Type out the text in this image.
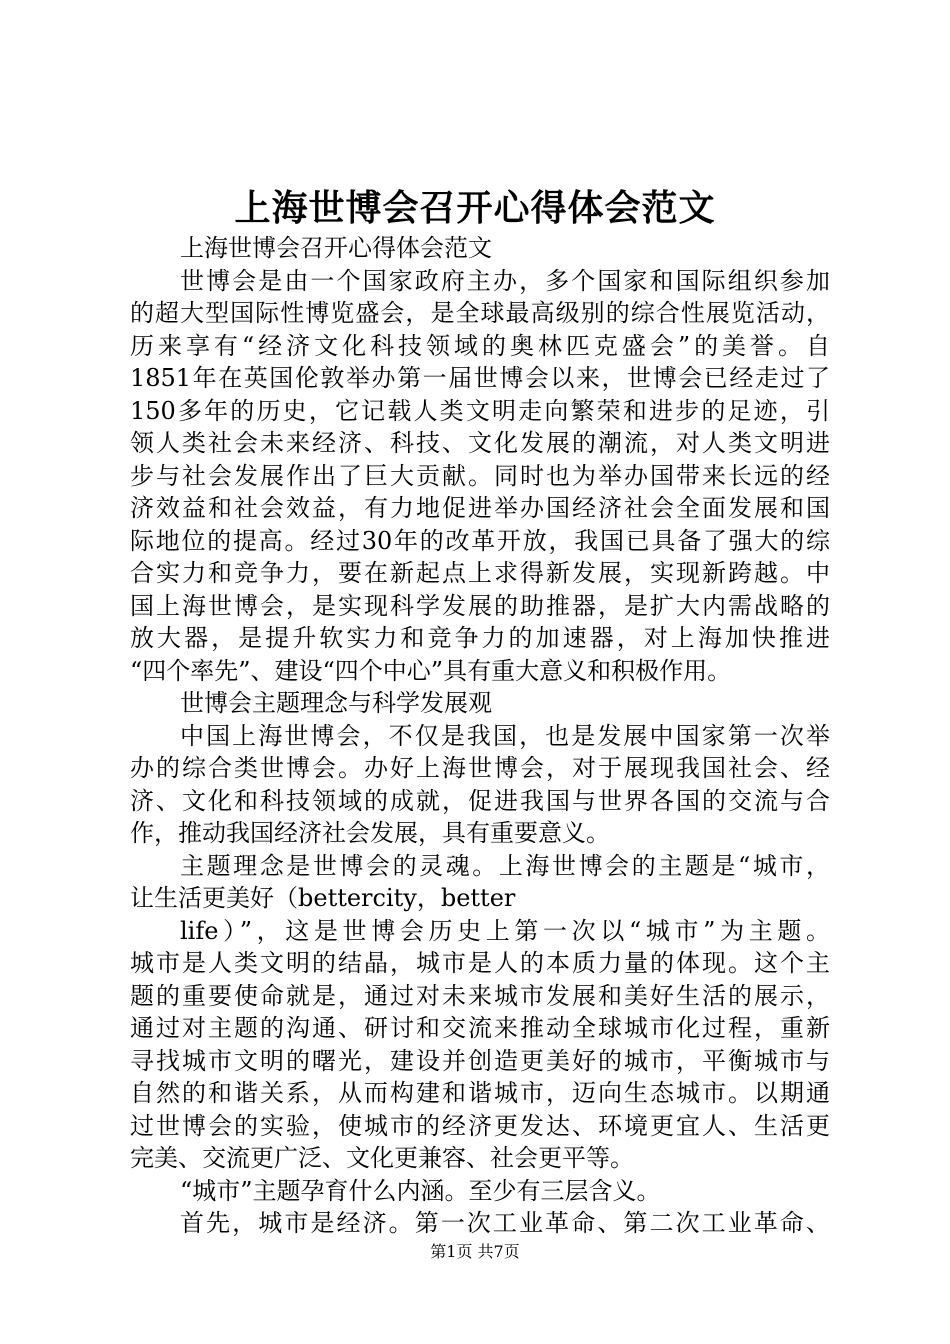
上海世博会召开心得体会范文
上海世博会召开心得体会范文
世博会是由一个国家政府主办，多个国家和国际组织参加
的超大型国际性博览盛会，是全球最高级别的综合性展览活动，
历来享有“经济文化科技领域的奥林匹克盛会”的美誉。自
1851年在英国伦敦举办第一届世博会以来，世博会已经走过了
150多年的历史，它记载人类文明走向繁荣和进步的足迹，引
领人类社会未来经济、科技、文化发展的潮流，对人类文明进
步与社会发展作出了巨大贡献。同时也为举办国带来长远的经
济效益和社会效益，有力地促进举办国经济社会全面发展和国
际地位的提高。经过30年的改革开放，我国已具备了强大的综
合实力和竞争力，要在新起点上求得新发展，实现新跨越。中
国上海世博会，是实现科学发展的助推器，是扩大内需战略的
放大器，是提升软实力和竞争力的加速器，对上海加快推进
“四个率先”、建设“四个中心”具有重大意义和积极作用。
世博会主题理念与科学发展观
中国上海世博会，不仅是我国，也是发展中国家第一次举
办的综合类世博会。办好上海世博会，对于展现我国社会、经
济、文化和科技领域的成就，促进我国与世界各国的交流与合
作，推动我国经济社会发展，具有重要意义。
主题理念是世博会的灵魂。上海世博会的主题是“城市，
让生活更美好（bettercity，better
life）”，这是世博会历史上第一次以“城市”为主题。
城市是人类文明的结晶，城市是人的本质力量的体现。这个主
题的重要使命就是，通过对未来城市发展和美好生活的展示，
通过对主题的沟通、研讨和交流来推动全球城市化过程，重新
寻找城市文明的曙光，建设并创造更美好的城市，平衡城市与
自然的和谐关系，从而构建和谐城市，迈向生态城市。以期通
过世博会的实验，使城市的经济更发达、环境更宜人、生活更
完美、交流更广泛、文化更兼容、社会更平等。
“城市”主题孕育什么内涵。至少有三层含义。
首先，城市是经济。第一次工业革命、第二次工业革命、
第1页 共7页
